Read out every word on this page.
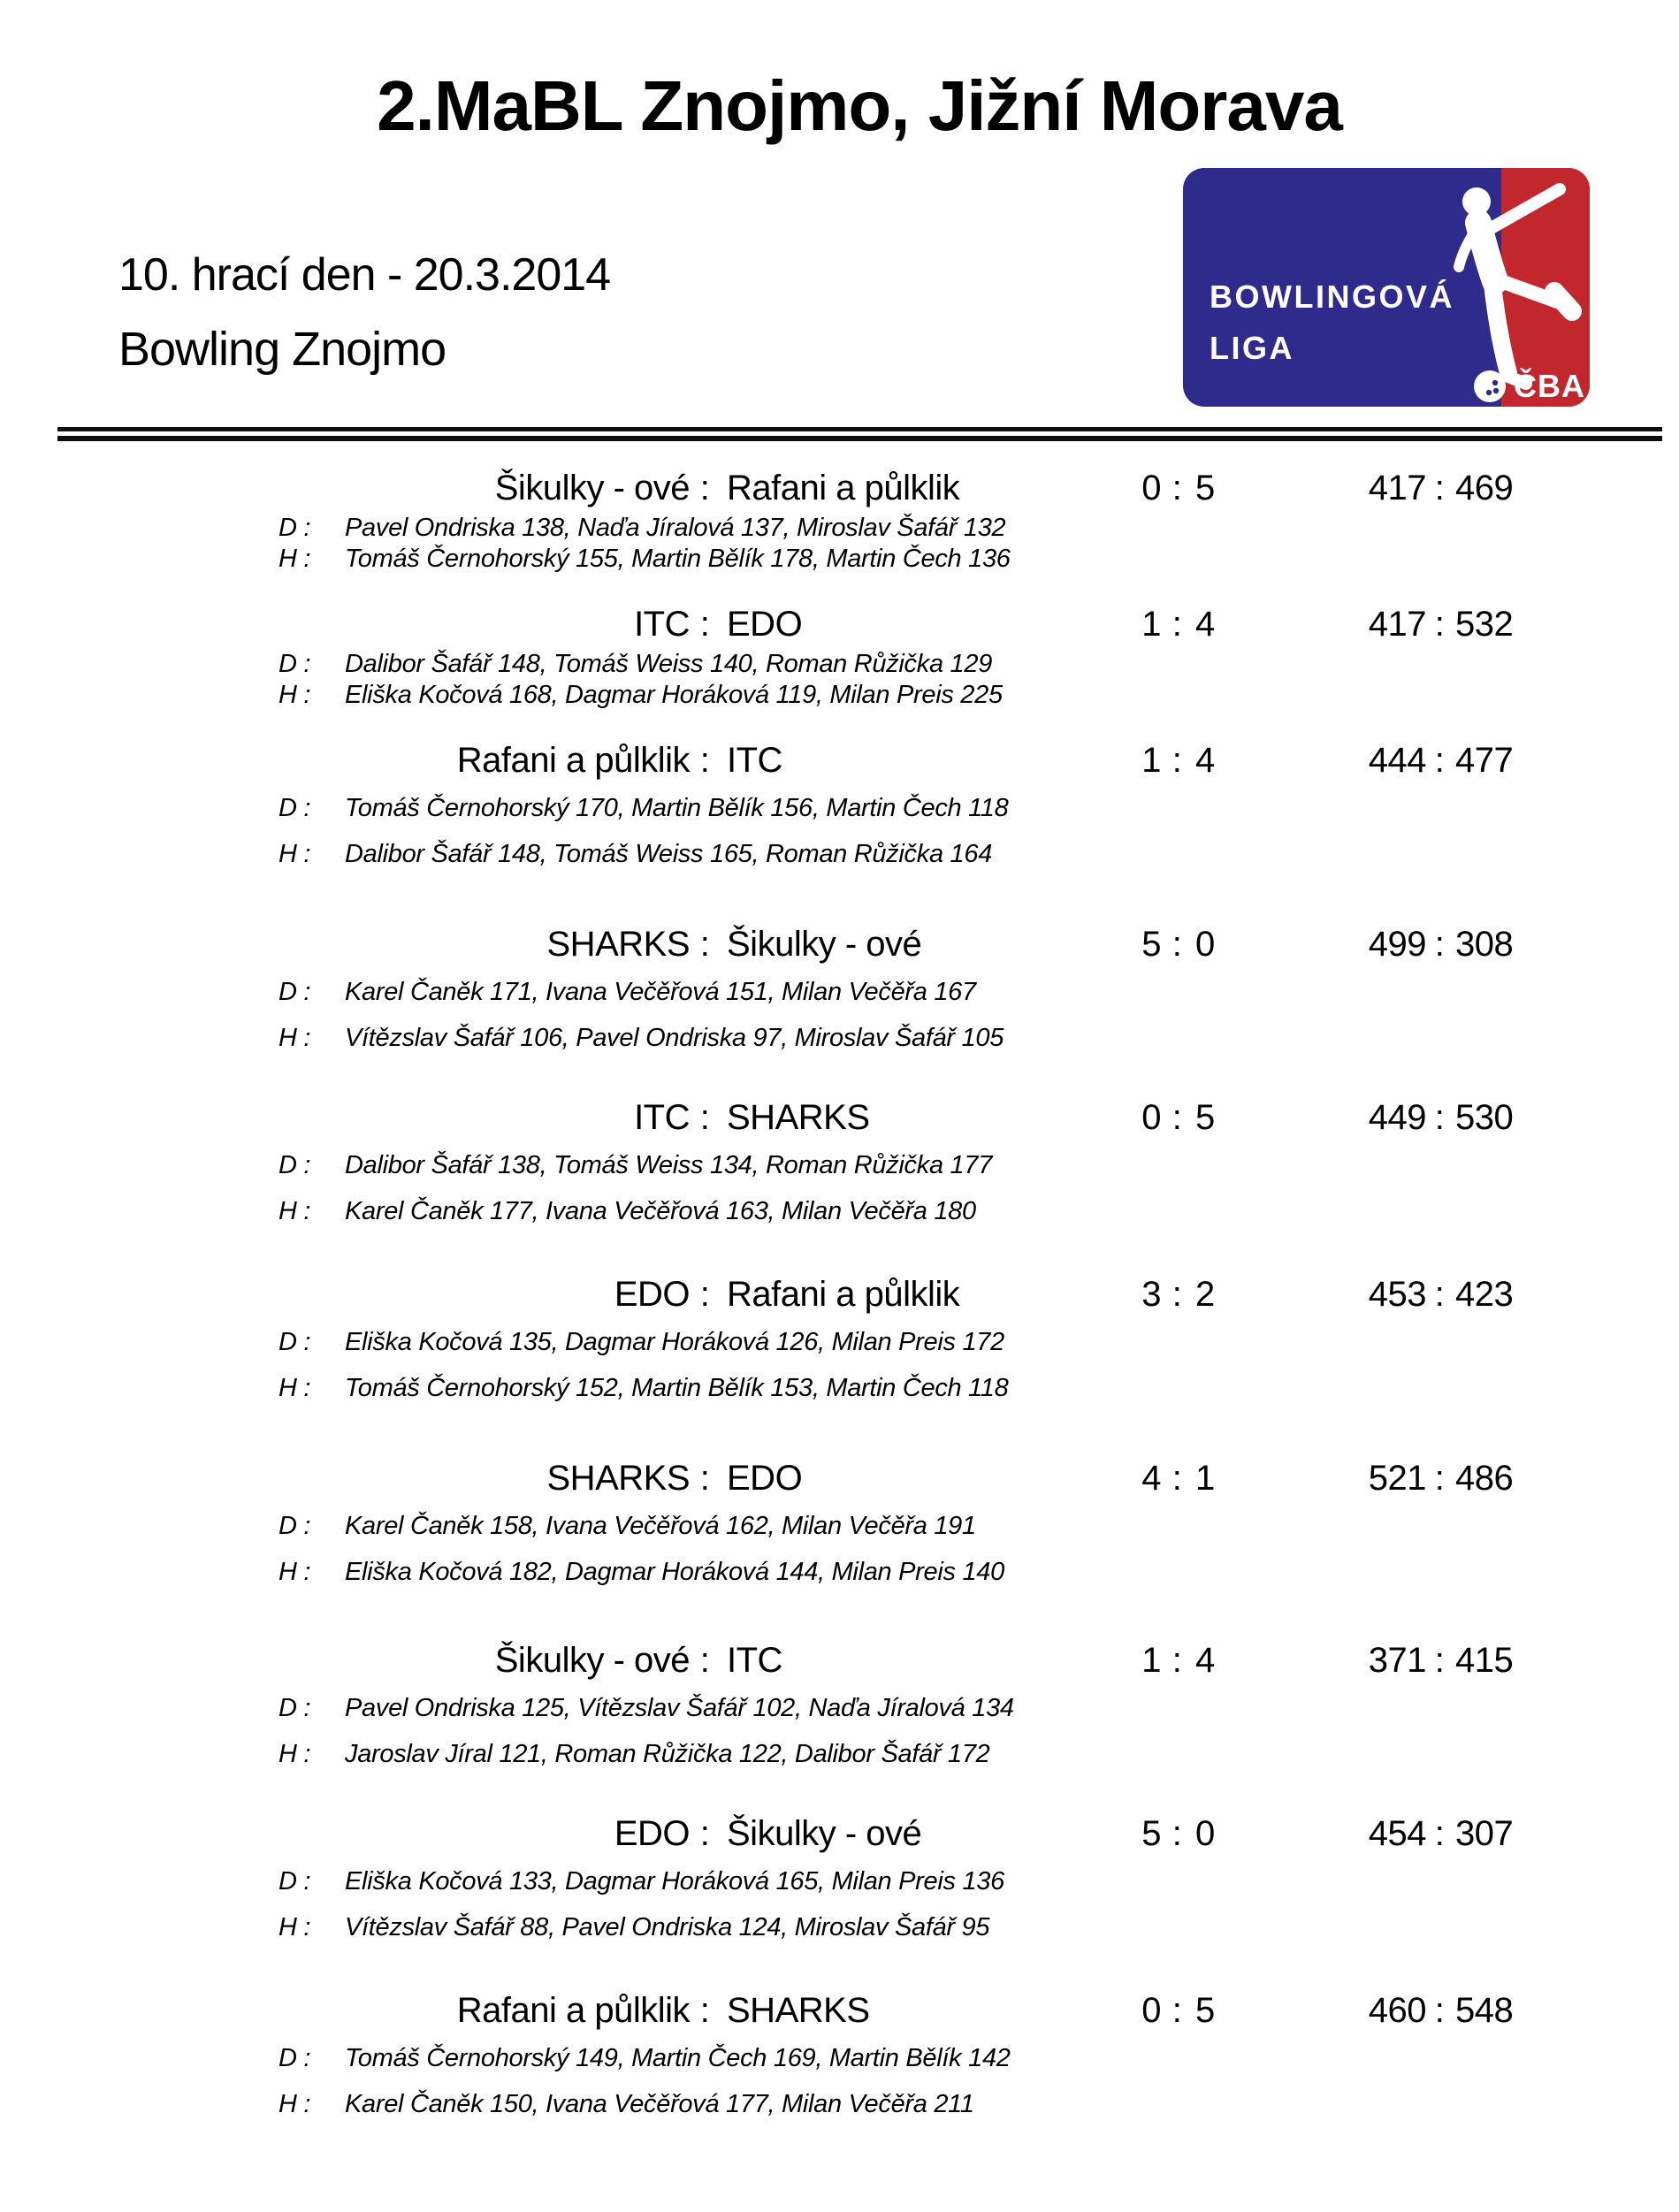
2.MaBL Znojmo, Jižní Morava
10. hrací den - 20.3.2014
Bowling Znojmo
BOWLINGOVÁ
LIGA
ČBA
Šikulky - ové : Rafani a půlklik	0 : 5	417 : 469
D : Pavel Ondriska 138, Naďa Jíralová 137, Miroslav Šafář 132
H : Tomáš Černohorský 155, Martin Bělík 178, Martin Čech 136
ITC : EDO	1 : 4	417 : 532
D : Dalibor Šafář 148, Tomáš Weiss 140, Roman Růžička 129
H : Eliška Kočová 168, Dagmar Horáková 119, Milan Preis 225
Rafani a půlklik : ITC	1 : 4	444 : 477
D : Tomáš Černohorský 170, Martin Bělík 156, Martin Čech 118
H : Dalibor Šafář 148, Tomáš Weiss 165, Roman Růžička 164
SHARKS : Šikulky - ové	5 : 0	499 : 308
D : Karel Čaněk 171, Ivana Večěřová 151, Milan Večěřa 167
H : Vítězslav Šafář 106, Pavel Ondriska 97, Miroslav Šafář 105
ITC : SHARKS	0 : 5	449 : 530
D : Dalibor Šafář 138, Tomáš Weiss 134, Roman Růžička 177
H : Karel Čaněk 177, Ivana Večěřová 163, Milan Večěřa 180
EDO : Rafani a půlklik	3 : 2	453 : 423
D : Eliška Kočová 135, Dagmar Horáková 126, Milan Preis 172
H : Tomáš Černohorský 152, Martin Bělík 153, Martin Čech 118
SHARKS : EDO	4 : 1	521 : 486
D : Karel Čaněk 158, Ivana Večěřová 162, Milan Večěřa 191
H : Eliška Kočová 182, Dagmar Horáková 144, Milan Preis 140
Šikulky - ové : ITC	1 : 4	371 : 415
D : Pavel Ondriska 125, Vítězslav Šafář 102, Naďa Jíralová 134
H : Jaroslav Jíral 121, Roman Růžička 122, Dalibor Šafář 172
EDO : Šikulky - ové	5 : 0	454 : 307
D : Eliška Kočová 133, Dagmar Horáková 165, Milan Preis 136
H : Vítězslav Šafář 88, Pavel Ondriska 124, Miroslav Šafář 95
Rafani a půlklik : SHARKS	0 : 5	460 : 548
D : Tomáš Černohorský 149, Martin Čech 169, Martin Bělík 142
H : Karel Čaněk 150, Ivana Večěřová 177, Milan Večěřa 211
